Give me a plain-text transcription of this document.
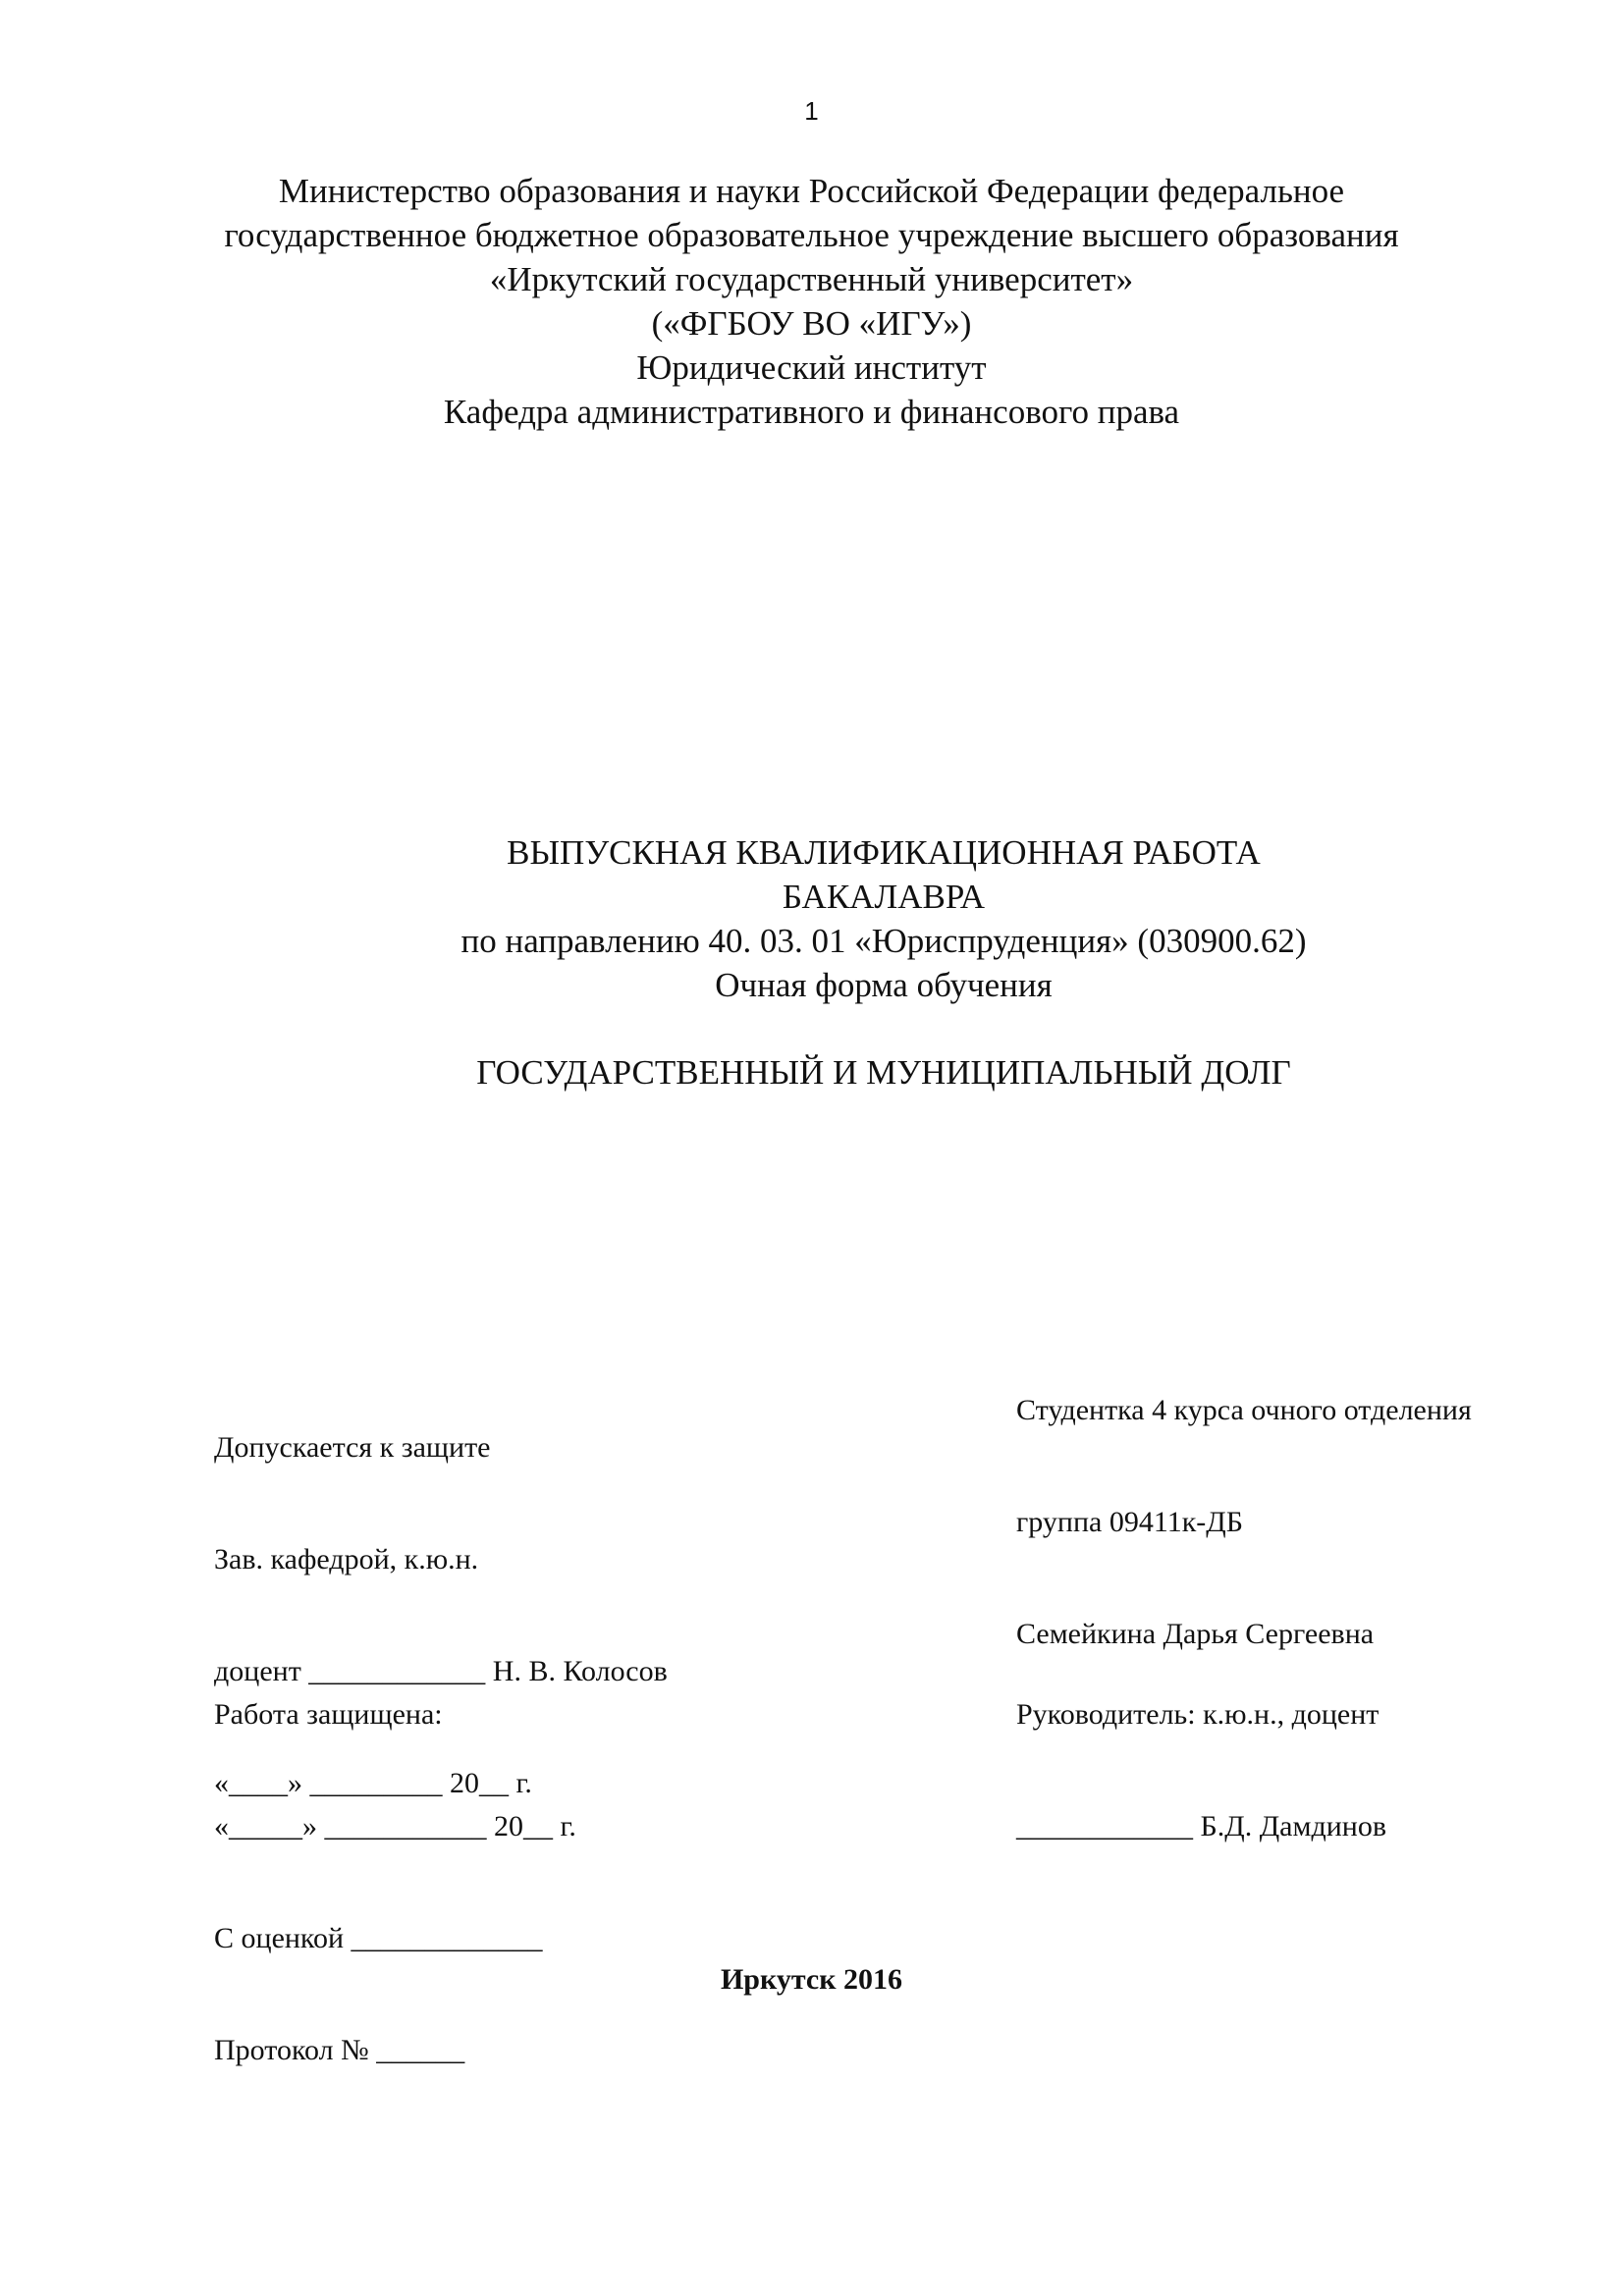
1
Министерство образования и науки Российской Федерации федеральное
государственное бюджетное образовательное учреждение высшего образования
«Иркутский государственный университет»
(«ФГБОУ ВО «ИГУ»)
Юридический институт
Кафедра административного и финансового права
ВЫПУСКНАЯ КВАЛИФИКАЦИОННАЯ РАБОТА
БАКАЛАВРА
по направлению 40. 03. 01 «Юриспруденция» (030900.62)
Очная форма обучения
ГОСУДАРСТВЕННЫЙ И МУНИЦИПАЛЬНЫЙ ДОЛГ

Допускается к защите

Зав. кафедрой, к.ю.н.

доцент ____________ Н. В. Колосов

«____» _________ 20__ г.

Студентка 4 курса очного отделения

группа 09411к-ДБ

Семейкина Дарья Сергеевна

Работа защищена:

«_____» ___________ 20__ г.

С оценкой _____________

Протокол № ______

Руководитель: к.ю.н., доцент

____________ Б.Д. Дамдинов

Иркутск 2016
